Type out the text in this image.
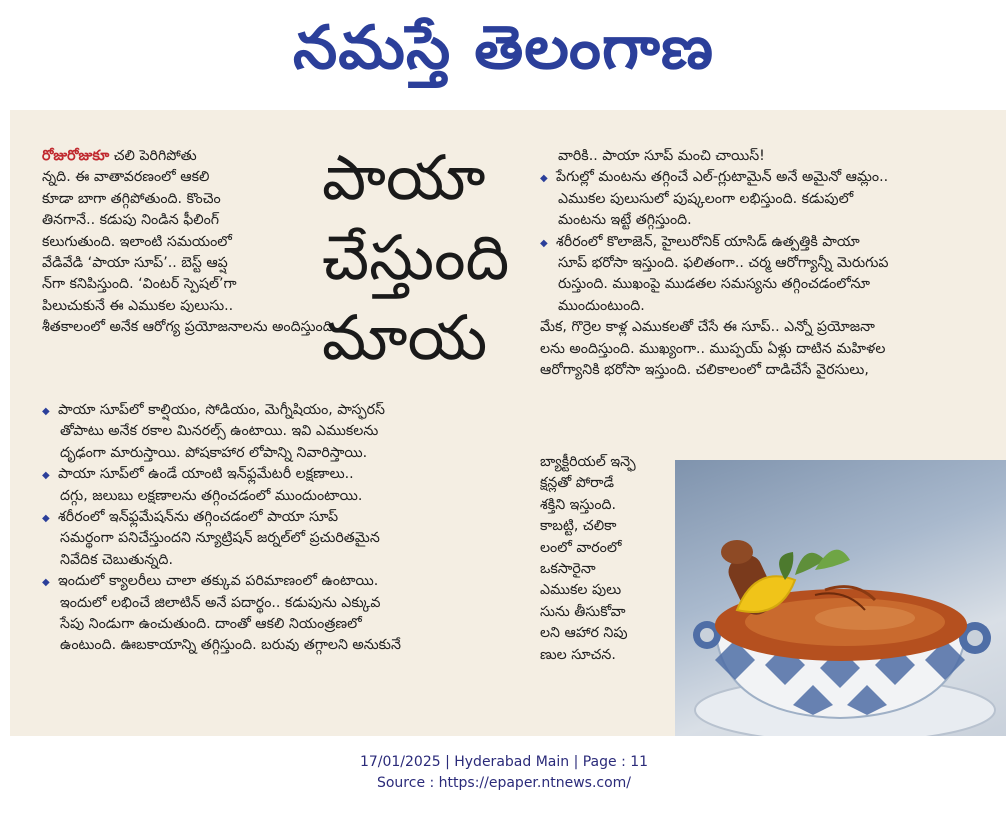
నమస్తే తెలంగాణ
రోజురోజుకూ చలి పెరిగిపోతు
న్నది. ఈ వాతావరణంలో ఆకలి
కూడా బాగా తగ్గిపోతుంది. కొంచెం
తినగానే.. కడుపు నిండిన ఫీలింగ్
కలుగుతుంది. ఇలాంటి సమయంలో
వేడివేడి ‘పాయా సూప్’.. బెస్ట్ ఆప్ష
న్‌గా కనిపిస్తుంది. ‘వింటర్ స్పెషల్’గా
పిలుచుకునే ఈ ఎముకల పులుసు..
శీతకాలంలో అనేక ఆరోగ్య ప్రయోజనాలను అందిస్తుంది.
పాయా
చేస్తుంది
మాయ
◆ పాయా సూప్‌లో కాల్షియం, సోడియం, మెగ్నీషియం, పాస్ఫరస్
తోపాటు అనేక రకాల మినరల్స్ ఉంటాయి. ఇవి ఎముకలను
దృఢంగా మారుస్తాయి. పోషకాహార లోపాన్ని నివారిస్తాయి.
◆ పాయా సూప్‌లో ఉండే యాంటి ఇన్‌ఫ్లమేటరీ లక్షణాలు..
దగ్గు, జలుబు లక్షణాలను తగ్గించడంలో ముందుంటాయి.
◆ శరీరంలో ఇన్‌ఫ్లమేషన్‌ను తగ్గించడంలో పాయా సూప్
సమర్థంగా పనిచేస్తుందని న్యూట్రిషన్ జర్నల్‌లో ప్రచురితమైన
నివేదిక చెబుతున్నది.
◆ ఇందులో క్యాలరీలు చాలా తక్కువ పరిమాణంలో ఉంటాయి.
ఇందులో లభించే జిలాటిన్ అనే పదార్థం.. కడుపును ఎక్కువ
సేపు నిండుగా ఉంచుతుంది. దాంతో ఆకలి నియంత్రణలో
ఉంటుంది. ఊబకాయాన్ని తగ్గిస్తుంది. బరువు తగ్గాలని అనుకునే
వారికి.. పాయా సూప్ మంచి చాయిస్!
◆ పేగుల్లో మంటను తగ్గించే ఎల్-గ్లుటామైన్ అనే అమైనో ఆమ్లం..
ఎముకల పులుసులో పుష్కలంగా లభిస్తుంది. కడుపులో
మంటను ఇట్టే తగ్గిస్తుంది.
◆ శరీరంలో కొలాజెన్, హైలురోనిక్ యాసిడ్ ఉత్పత్తికి పాయా
సూప్ భరోసా ఇస్తుంది. ఫలితంగా.. చర్మ ఆరోగ్యాన్నీ మెరుగుప
రుస్తుంది. ముఖంపై ముడతల సమస్యను తగ్గించడంలోనూ
ముందుంటుంది.
మేక, గొర్రెల కాళ్ల ఎముకలతో చేసే ఈ సూప్.. ఎన్నో ప్రయోజనా
లను అందిస్తుంది. ముఖ్యంగా.. ముప్పయ్ ఏళ్లు దాటిన మహిళల
ఆరోగ్యానికి భరోసా ఇస్తుంది. చలికాలంలో దాడిచేసే వైరసులు,
బ్యాక్టీరియల్ ఇన్ఫె
క్షన్లతో పోరాడే
శక్తిని ఇస్తుంది.
కాబట్టి, చలికా
లంలో వారంలో
ఒకసారైనా
ఎముకల పులు
సును తీసుకోవా
లని ఆహార నిపు
ణుల సూచన.
17/01/2025 | Hyderabad Main | Page : 11
Source : https://epaper.ntnews.com/
